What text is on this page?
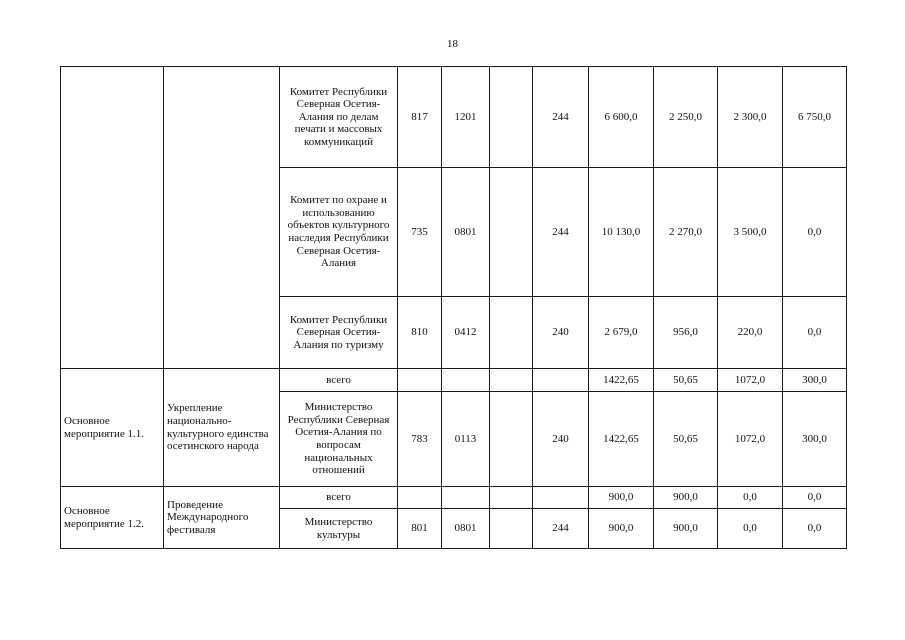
18
		Комитет Республики Северная Осетия-Алания по делам печати и массовых коммуникаций	817	1201		244	6 600,0	2 250,0	2 300,0	6 750,0
		Комитет по охране и использованию объектов культурного наследия Республики Северная Осетия-Алания	735	0801		244	10 130,0	2 270,0	3 500,0	0,0
		Комитет Республики Северная Осетия-Алания по туризму	810	0412		240	2 679,0	956,0	220,0	0,0
Основное мероприятие 1.1.	Укрепление национально-культурного единства осетинского народа	всего					1422,65	50,65	1072,0	300,0
		Министерство Республики Северная Осетия-Алания по вопросам национальных отношений	783	0113		240	1422,65	50,65	1072,0	300,0
Основное мероприятие 1.2.	Проведение Международного фестиваля	всего					900,0	900,0	0,0	0,0
		Министерство культуры	801	0801		244	900,0	900,0	0,0	0,0
